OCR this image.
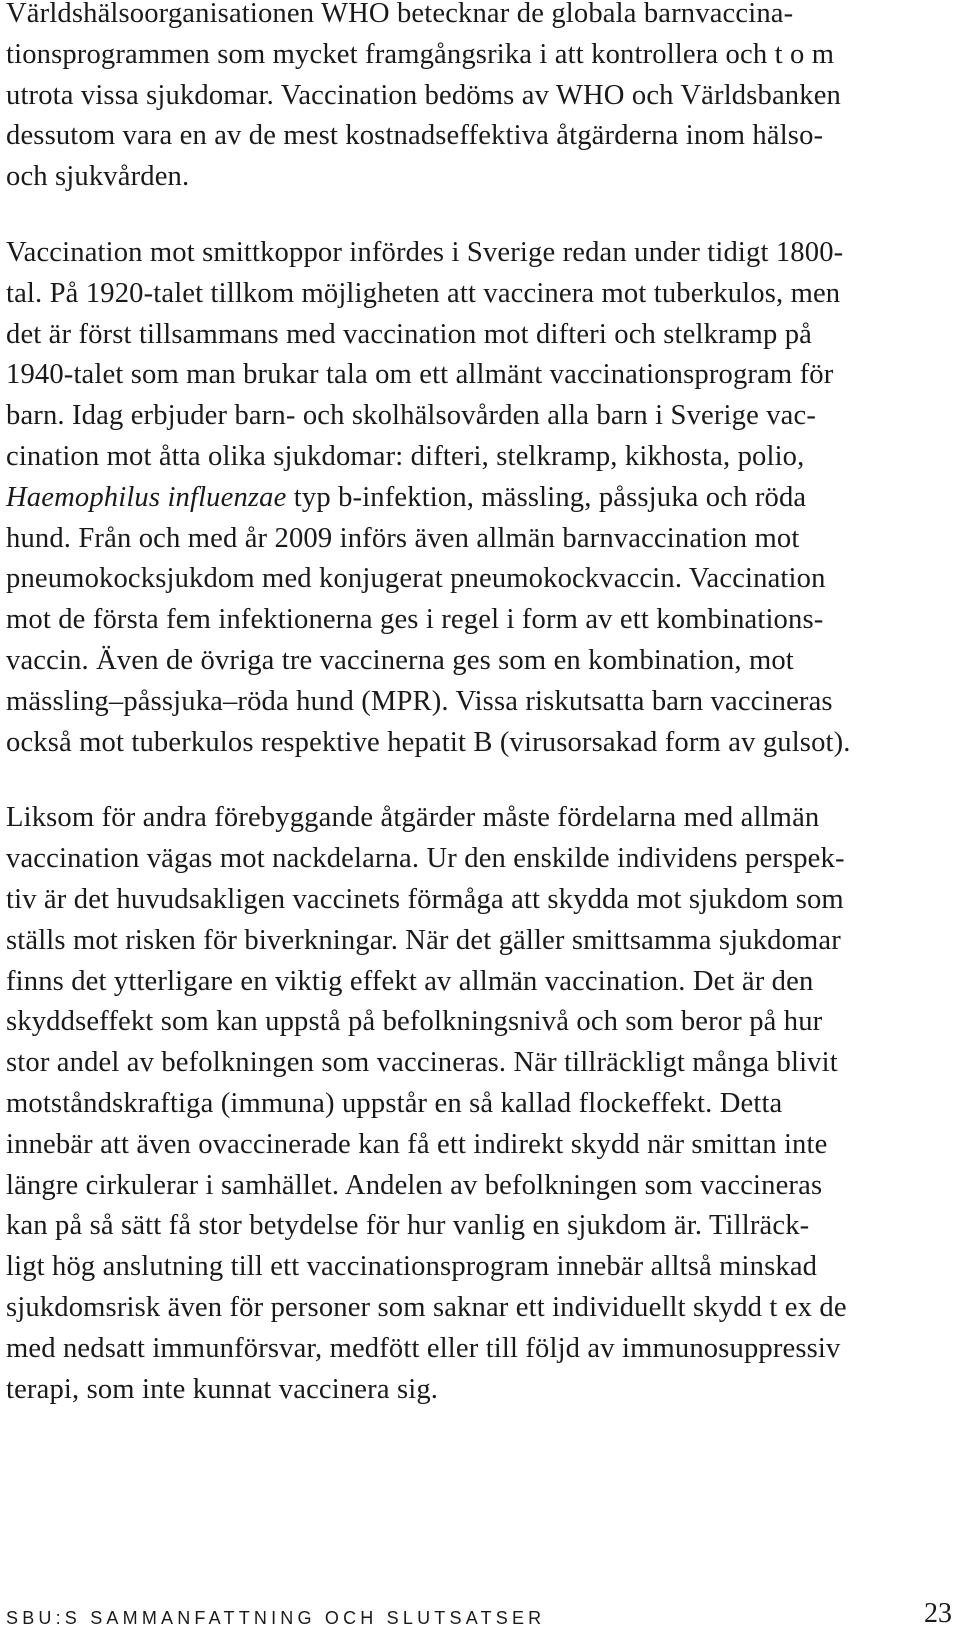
Världshälsoorganisationen WHO betecknar de globala barnvaccina-
tionsprogrammen som mycket framgångsrika i att kontrollera och t o m
utrota vissa sjukdomar. Vaccination bedöms av WHO och Världsbanken
dessutom vara en av de mest kostnadseffektiva åtgärderna inom hälso-
och sjukvården.

Vaccination mot smittkoppor infördes i Sverige redan under tidigt 1800-
tal. På 1920-talet tillkom möjligheten att vaccinera mot tuberkulos, men
det är först tillsammans med vaccination mot difteri och stelkramp på
1940-talet som man brukar tala om ett allmänt vaccinationsprogram för
barn. Idag erbjuder barn- och skolhälsovården alla barn i Sverige vac-
cination mot åtta olika sjukdomar: difteri, stelkramp, kikhosta, polio,
Haemophilus influenzae typ b-infektion, mässling, påssjuka och röda
hund. Från och med år 2009 införs även allmän barnvaccination mot
pneumokocksjukdom med konjugerat pneumokockvaccin. Vaccination
mot de första fem infektionerna ges i regel i form av ett kombinations-
vaccin. Även de övriga tre vaccinerna ges som en kombination, mot
mässling–påssjuka–röda hund (MPR). Vissa riskutsatta barn vaccineras
också mot tuberkulos respektive hepatit B (virusorsakad form av gulsot).

Liksom för andra förebyggande åtgärder måste fördelarna med allmän
vaccination vägas mot nackdelarna. Ur den enskilde individens perspek-
tiv är det huvudsakligen vaccinets förmåga att skydda mot sjukdom som
ställs mot risken för biverkningar. När det gäller smittsamma sjukdomar
finns det ytterligare en viktig effekt av allmän vaccination. Det är den
skyddseffekt som kan uppstå på befolkningsnivå och som beror på hur
stor andel av befolkningen som vaccineras. När tillräckligt många blivit
motståndskraftiga (immuna) uppstår en så kallad flockeffekt. Detta
innebär att även ovaccinerade kan få ett indirekt skydd när smittan inte
längre cirkulerar i samhället. Andelen av befolkningen som vaccineras
kan på så sätt få stor betydelse för hur vanlig en sjukdom är. Tillräck-
ligt hög anslutning till ett vaccinationsprogram innebär alltså minskad
sjukdomsrisk även för personer som saknar ett individuellt skydd t ex de
med nedsatt immunförsvar, medfött eller till följd av immunosuppressiv
terapi, som inte kunnat vaccinera sig.

SBU:S SAMMANFATTNING OCH SLUTSATSER	23
